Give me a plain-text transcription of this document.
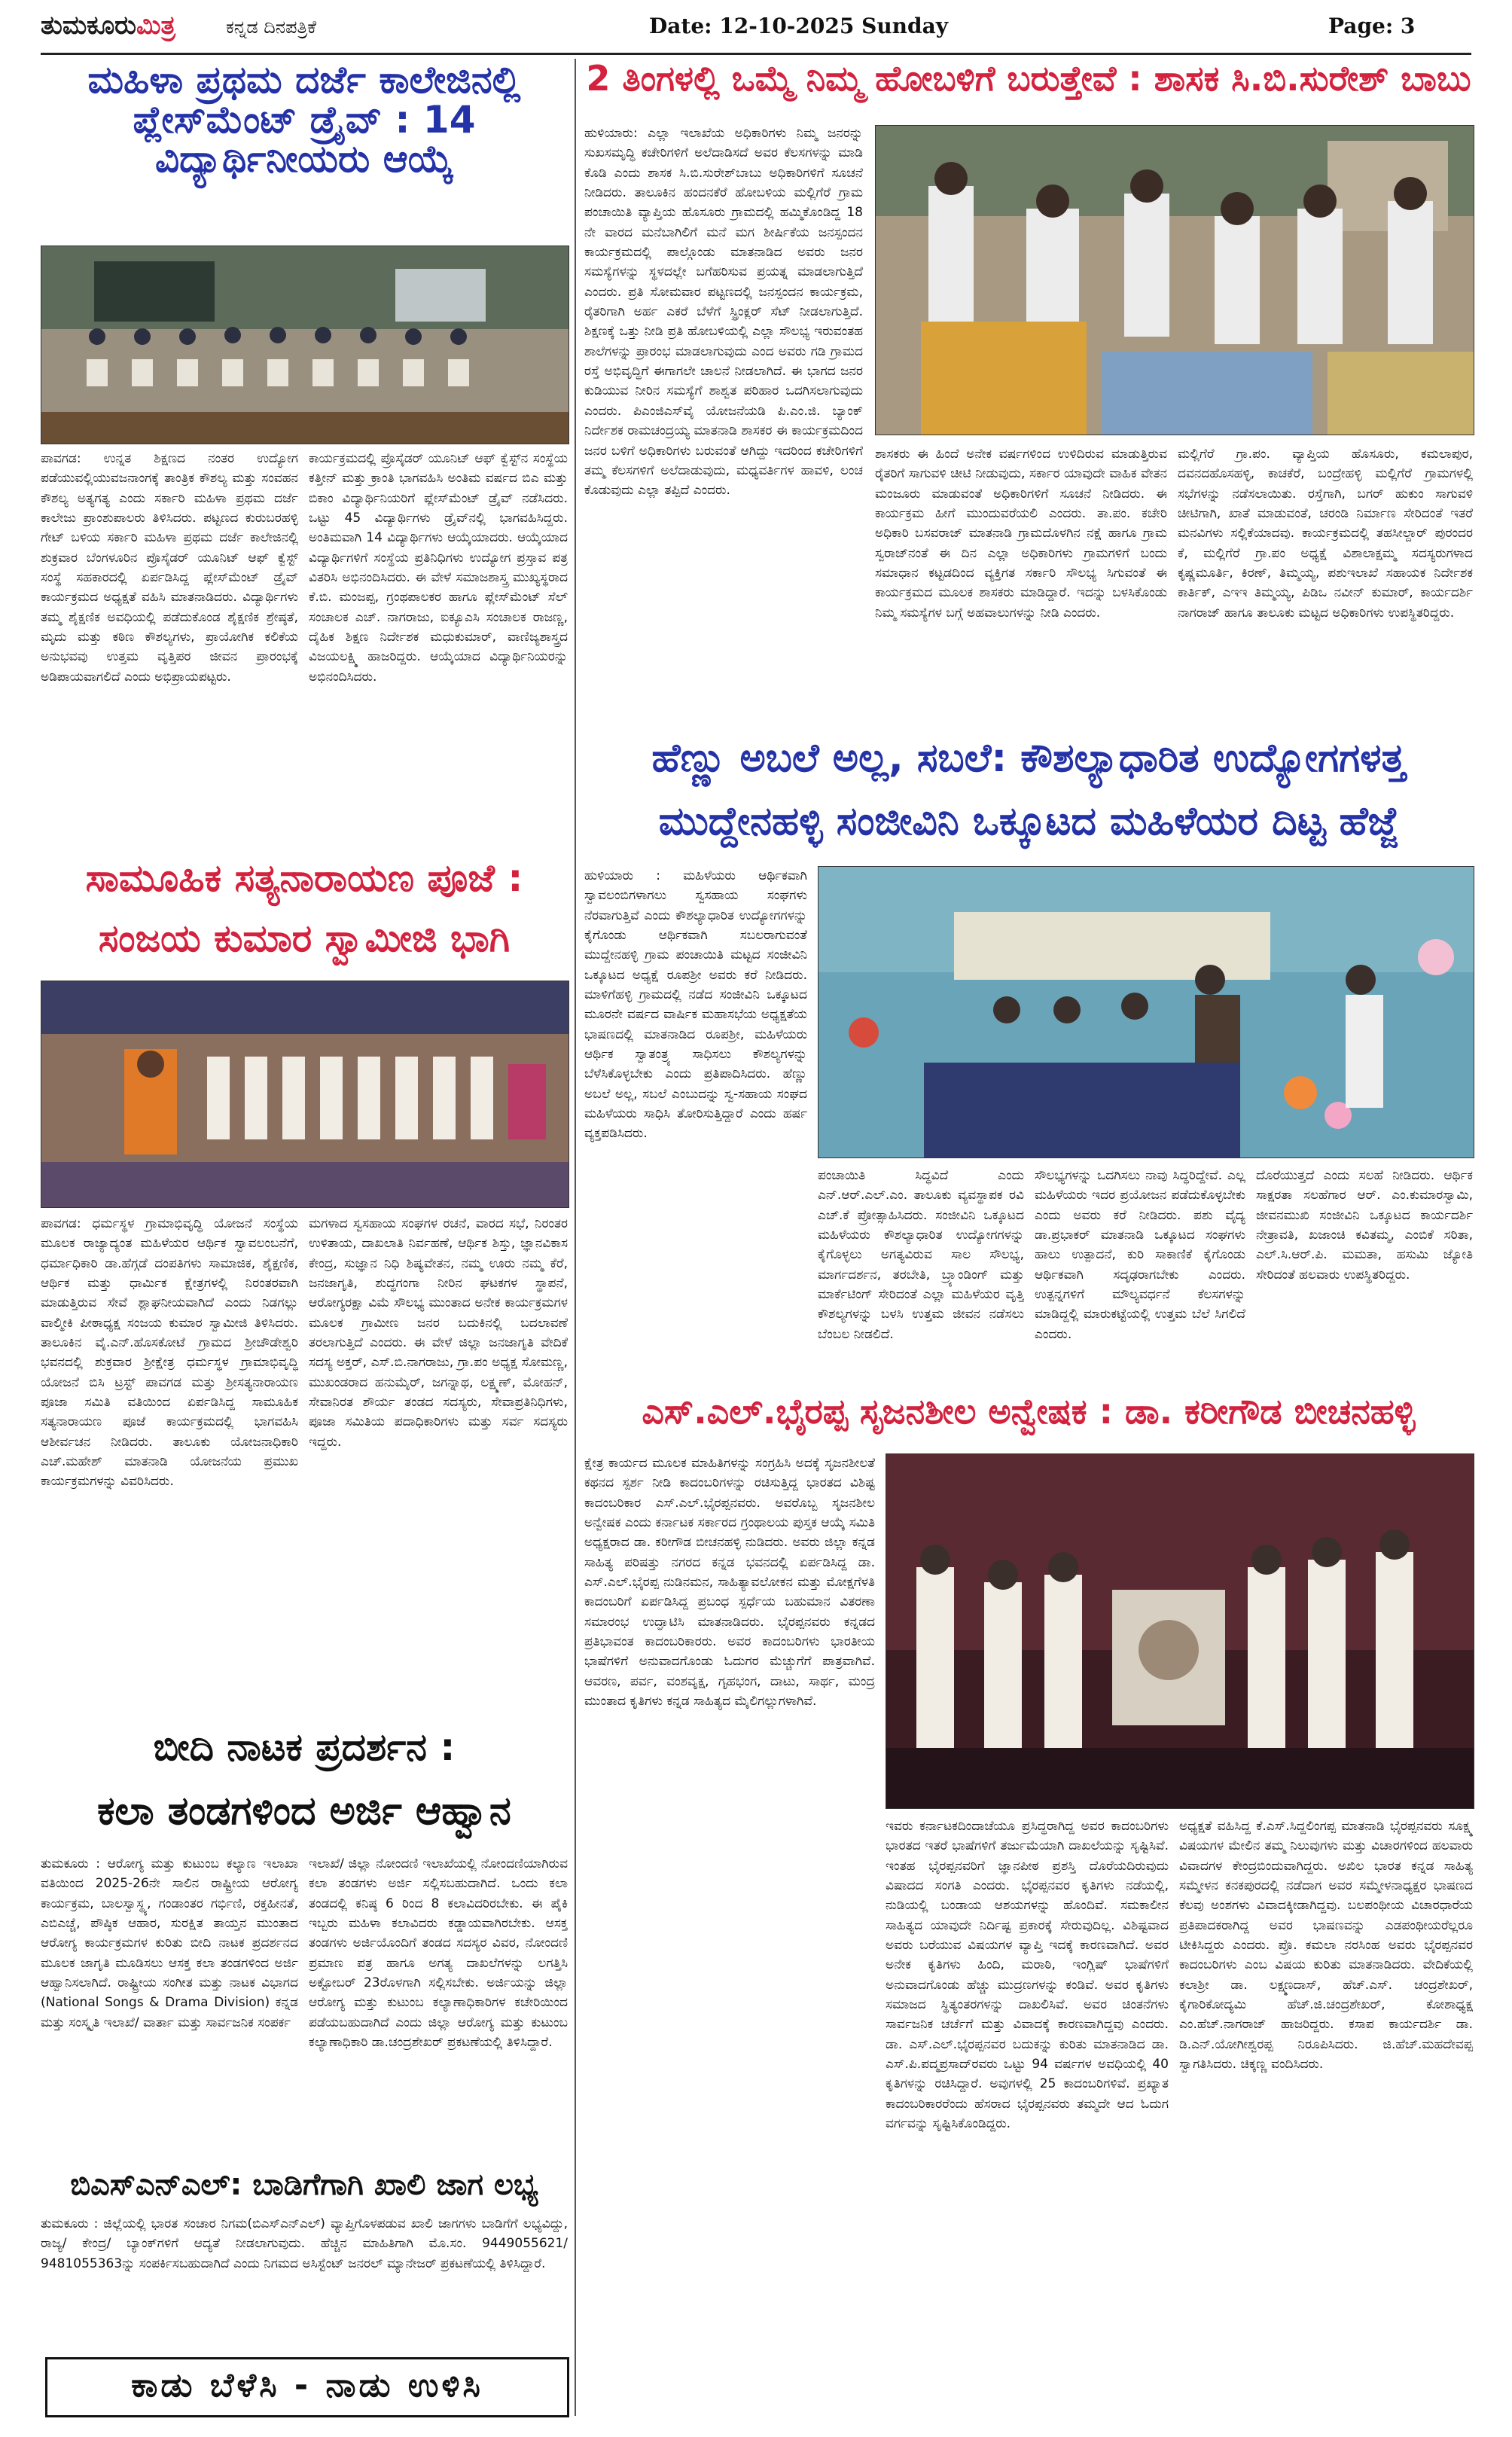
ತುಮಕೂರುಮಿತ್ರ	ಕನ್ನಡ ದಿನಪತ್ರಿಕೆ	Date: 12-10-2025 Sunday	Page: 3
ಮಹಿಳಾ ಪ್ರಥಮ ದರ್ಜೆ ಕಾಲೇಜಿನಲ್ಲಿ ಪ್ಲೇಸ್‌ಮೆಂಟ್ ಡ್ರೈವ್ : 14 ವಿದ್ಯಾರ್ಥಿನೀಯರು ಆಯ್ಕೆ

ಪಾವಗಡ: ಉನ್ನತ ಶಿಕ್ಷಣದ ನಂತರ ಉದ್ಯೋಗ ಪಡೆಯುವಲ್ಲಿಯುವಜನಾಂಗಕ್ಕೆ ತಾಂತ್ರಿಕ ಕೌಶಲ್ಯ ಮತ್ತು ಸಂವಹನ ಕೌಶಲ್ಯ ಅತ್ಯಗತ್ಯ ಎಂದು ಸರ್ಕಾರಿ ಮಹಿಳಾ ಪ್ರಥಮ ದರ್ಜೆ ಕಾಲೇಜು ಪ್ರಾಂಶುಪಾಲರು ತಿಳಿಸಿದರು. ಪಟ್ಟಣದ ಕುರುಬರಹಳ್ಳಿ ಗೇಟ್ ಬಳಿಯ ಸರ್ಕಾರಿ ಮಹಿಳಾ ಪ್ರಥಮ ದರ್ಜೆ ಕಾಲೇಜಿನಲ್ಲಿ ಶುಕ್ರವಾರ ಬೆಂಗಳೂರಿನ ಪ್ರೊಸೈಡರ್ ಯೂನಿಟ್ ಆಫ್ ಕ್ವೆಸ್ಟ್ ಸಂಸ್ಥೆ ಸಹಕಾರದಲ್ಲಿ ಏರ್ಪಡಿಸಿದ್ದ ಪ್ಲೇಸ್‌ಮೆಂಟ್ ಡ್ರೈವ್ ಕಾರ್ಯಕ್ರಮದ ಅಧ್ಯಕ್ಷತೆ ವಹಿಸಿ ಮಾತನಾಡಿದರು. ವಿದ್ಯಾರ್ಥಿಗಳು ತಮ್ಮ ಶೈಕ್ಷಣಿಕ ಅವಧಿಯಲ್ಲಿ ಪಡೆದುಕೊಂಡ ಶೈಕ್ಷಣಿಕ ಶ್ರೇಷ್ಠತೆ, ಮೃದು ಮತ್ತು ಕಠಿಣ ಕೌಶಲ್ಯಗಳು, ಪ್ರಾಯೋಗಿಕ ಕಲಿಕೆಯ ಅನುಭವವು ಉತ್ತಮ ವೃತ್ತಿಪರ ಜೀವನ ಪ್ರಾರಂಭಕ್ಕೆ ಅಡಿಪಾಯವಾಗಲಿದೆ ಎಂದು ಅಭಿಪ್ರಾಯಪಟ್ಟರು.

ಕಾರ್ಯಕ್ರಮದಲ್ಲಿ ಪ್ರೊಸೈಡರ್ ಯೂನಿಟ್ ಆಫ್ ಕ್ವೆಸ್ಟ್‌ನ ಸಂಸ್ಥೆಯ ಕತ್ತೀನ್ ಮತ್ತು ಕ್ರಾಂತಿ ಭಾಗವಹಿಸಿ ಅಂತಿಮ ವರ್ಷದ ಬಿಎ ಮತ್ತು ಬಿಕಾಂ ವಿದ್ಯಾರ್ಥಿನಿಯರಿಗೆ ಪ್ಲೇಸ್‌ಮೆಂಟ್ ಡ್ರೈವ್ ನಡೆಸಿದರು. ಒಟ್ಟು 45 ವಿದ್ಯಾರ್ಥಿಗಳು ಡ್ರೈವ್‌ನಲ್ಲಿ ಭಾಗವಹಿಸಿದ್ದರು. ಅಂತಿಮವಾಗಿ 14 ವಿದ್ಯಾರ್ಥಿಗಳು ಆಯ್ಕೆಯಾದರು. ಆಯ್ಕೆಯಾದ ವಿದ್ಯಾರ್ಥಿಗಳಿಗೆ ಸಂಸ್ಥೆಯ ಪ್ರತಿನಿಧಿಗಳು ಉದ್ಯೋಗ ಪ್ರಸ್ತಾವ ಪತ್ರ ವಿತರಿಸಿ ಅಭಿನಂದಿಸಿದರು. ಈ ವೇಳೆ ಸಮಾಜಶಾಸ್ತ್ರ ಮುಖ್ಯಸ್ಥರಾದ ಕೆ.ಬಿ. ಮಂಜಪ್ಪ, ಗ್ರಂಥಪಾಲಕರ ಹಾಗೂ ಪ್ಲೇಸ್‌ಮೆಂಟ್ ಸೆಲ್ ಸಂಚಾಲಕ ಎಚ್. ನಾಗರಾಜು, ಐಕ್ಯೂಎಸಿ ಸಂಚಾಲಕ ರಾಜಣ್ಣ, ದೈಹಿಕ ಶಿಕ್ಷಣ ನಿರ್ದೇಶಕ ಮಧುಕುಮಾರ್, ವಾಣಿಜ್ಯಶಾಸ್ತ್ರದ ವಿಜಯಲಕ್ಷ್ಮಿ ಹಾಜರಿದ್ದರು. ಆಯ್ಕೆಯಾದ ವಿದ್ಯಾರ್ಥಿನಿಯರನ್ನು ಅಭಿನಂದಿಸಿದರು.

ಸಾಮೂಹಿಕ ಸತ್ಯನಾರಾಯಣ ಪೂಜೆ :
ಸಂಜಯ ಕುಮಾರ ಸ್ವಾಮೀಜಿ ಭಾಗಿ

ಪಾವಗಡ: ಧರ್ಮಸ್ಥಳ ಗ್ರಾಮಾಭಿವೃದ್ಧಿ ಯೋಜನೆ ಸಂಸ್ಥೆಯ ಮೂಲಕ ರಾಜ್ಯಾದ್ಯಂತ ಮಹಿಳೆಯರ ಆರ್ಥಿಕ ಸ್ವಾವಲಂಬನೆಗೆ, ಧರ್ಮಾಧಿಕಾರಿ ಡಾ.ಹೆಗ್ಗಡೆ ದಂಪತಿಗಳು ಸಾಮಾಜಿಕ, ಶೈಕ್ಷಣಿಕ, ಆರ್ಥಿಕ ಮತ್ತು ಧಾರ್ಮಿಕ ಕ್ಷೇತ್ರಗಳಲ್ಲಿ ನಿರಂತರವಾಗಿ ಮಾಡುತ್ತಿರುವ ಸೇವೆ ಶ್ಲಾಘನೀಯವಾಗಿದೆ ಎಂದು ನಿಡಗಲ್ಲು ವಾಲ್ಮೀಕಿ ಪೀಠಾಧ್ಯಕ್ಷ ಸಂಜಯ ಕುಮಾರ ಸ್ವಾಮೀಜಿ ತಿಳಿಸಿದರು. ತಾಲೂಕಿನ ವೈ.ಎನ್.ಹೊಸಕೋಟೆ ಗ್ರಾಮದ ಶ್ರೀಚೌಡೇಶ್ವರಿ ಭವನದಲ್ಲಿ ಶುಕ್ರವಾರ ಶ್ರೀಕ್ಷೇತ್ರ ಧರ್ಮಸ್ಥಳ ಗ್ರಾಮಾಭಿವೃದ್ಧಿ ಯೋಜನೆ ಬಿಸಿ ಟ್ರಸ್ಟ್ ಪಾವಗಡ ಮತ್ತು ಶ್ರೀಸತ್ಯನಾರಾಯಣ ಪೂಜಾ ಸಮಿತಿ ವತಿಯಿಂದ ಏರ್ಪಡಿಸಿದ್ದ ಸಾಮೂಹಿಕ ಸತ್ಯನಾರಾಯಣ ಪೂಜೆ ಕಾರ್ಯಕ್ರಮದಲ್ಲಿ ಭಾಗವಹಿಸಿ ಆಶೀರ್ವಚನ ನೀಡಿದರು. ತಾಲೂಕು ಯೋಜನಾಧಿಕಾರಿ ಎಚ್.ಮಹೇಶ್ ಮಾತನಾಡಿ ಯೋಜನೆಯ ಪ್ರಮುಖ ಕಾರ್ಯಕ್ರಮಗಳನ್ನು ವಿವರಿಸಿದರು.

ಮಗಳಾದ ಸ್ವಸಹಾಯ ಸಂಘಗಳ ರಚನೆ, ವಾರದ ಸಭೆ, ನಿರಂತರ ಉಳಿತಾಯ, ದಾಖಲಾತಿ ನಿರ್ವಹಣೆ, ಆರ್ಥಿಕ ಶಿಸ್ತು, ಜ್ಞಾನವಿಕಾಸ ಕೇಂದ್ರ, ಸುಜ್ಞಾನ ನಿಧಿ ಶಿಷ್ಯವೇತನ, ನಮ್ಮ ಊರು ನಮ್ಮ ಕೆರೆ, ಜನಜಾಗೃತಿ, ಶುದ್ಧಗಂಗಾ ನೀರಿನ ಘಟಕಗಳ ಸ್ಥಾಪನೆ, ಆರೋಗ್ಯರಕ್ಷಾ ವಿಮೆ ಸೌಲಭ್ಯ ಮುಂತಾದ ಅನೇಕ ಕಾರ್ಯಕ್ರಮಗಳ ಮೂಲಕ ಗ್ರಾಮೀಣ ಜನರ ಬದುಕಿನಲ್ಲಿ ಬದಲಾವಣೆ ತರಲಾಗುತ್ತಿದೆ ಎಂದರು. ಈ ವೇಳೆ ಜಿಲ್ಲಾ ಜನಜಾಗೃತಿ ವೇದಿಕೆ ಸದಸ್ಯ ಅಕ್ತರ್, ಎಸ್.ಬಿ.ನಾಗರಾಜು, ಗ್ರಾ.ಪಂ ಅಧ್ಯಕ್ಷ ಸೋಮಣ್ಣ, ಮುಖಂಡರಾದ ಹನುಮೈರ್, ಜಗನ್ನಾಥ, ಲಕ್ಷ್ಮಣ್, ಮೋಹನ್, ಸೇವಾನಿರತ ಶೌರ್ಯ ತಂಡದ ಸದಸ್ಯರು, ಸೇವಾಪ್ರತಿನಿಧಿಗಳು, ಪೂಜಾ ಸಮಿತಿಯ ಪದಾಧಿಕಾರಿಗಳು ಮತ್ತು ಸರ್ವ ಸದಸ್ಯರು ಇದ್ದರು.

ಬೀದಿ ನಾಟಕ ಪ್ರದರ್ಶನ :
ಕಲಾ ತಂಡಗಳಿಂದ ಅರ್ಜಿ ಆಹ್ವಾನ

ತುಮಕೂರು : ಆರೋಗ್ಯ ಮತ್ತು ಕುಟುಂಬ ಕಲ್ಯಾಣ ಇಲಾಖಾ ವತಿಯಿಂದ 2025-26ನೇ ಸಾಲಿನ ರಾಷ್ಟ್ರೀಯ ಆರೋಗ್ಯ ಕಾರ್ಯಕ್ರಮ, ಬಾಲಸ್ವಾಸ್ಥ್ಯ, ಗಂಡಾಂತರ ಗರ್ಭಿಣಿ, ರಕ್ತಹೀನತೆ, ಎಬಿಎಚ್ಚೆ, ಪೌಷ್ಠಿಕ ಆಹಾರ, ಸುರಕ್ಷಿತ ತಾಯ್ತನ ಮುಂತಾದ ಆರೋಗ್ಯ ಕಾರ್ಯಕ್ರಮಗಳ ಕುರಿತು ಬೀದಿ ನಾಟಕ ಪ್ರದರ್ಶನದ ಮೂಲಕ ಜಾಗೃತಿ ಮೂಡಿಸಲು ಆಸಕ್ತ ಕಲಾ ತಂಡಗಳಿಂದ ಅರ್ಜಿ ಆಹ್ವಾನಿಸಲಾಗಿದೆ. ರಾಷ್ಟ್ರೀಯ ಸಂಗೀತ ಮತ್ತು ನಾಟಕ ವಿಭಾಗದ (National Songs & Drama Division) ಕನ್ನಡ ಮತ್ತು ಸಂಸ್ಕೃತಿ ಇಲಾಖೆ/ ವಾರ್ತಾ ಮತ್ತು ಸಾರ್ವಜನಿಕ ಸಂಪರ್ಕ

ಇಲಾಖೆ/ ಜಿಲ್ಲಾ ನೋಂದಣಿ ಇಲಾಖೆಯಲ್ಲಿ ನೋಂದಣಿಯಾಗಿರುವ ಕಲಾ ತಂಡಗಳು ಅರ್ಜಿ ಸಲ್ಲಿಸಬಹುದಾಗಿದೆ. ಒಂದು ಕಲಾ ತಂಡದಲ್ಲಿ ಕನಿಷ್ಠ 6 ರಿಂದ 8 ಕಲಾವಿದರಿರಬೇಕು. ಈ ಪೈಕಿ ಇಬ್ಬರು ಮಹಿಳಾ ಕಲಾವಿದರು ಕಡ್ಡಾಯವಾಗಿರಬೇಕು. ಆಸಕ್ತ ತಂಡಗಳು ಅರ್ಜಿಯೊಂದಿಗೆ ತಂಡದ ಸದಸ್ಯರ ವಿವರ, ನೋಂದಣಿ ಪ್ರಮಾಣ ಪತ್ರ ಹಾಗೂ ಅಗತ್ಯ ದಾಖಲೆಗಳನ್ನು ಲಗತ್ತಿಸಿ ಅಕ್ಟೋಬರ್ 23ರೊಳಗಾಗಿ ಸಲ್ಲಿಸಬೇಕು. ಅರ್ಜಿಯನ್ನು ಜಿಲ್ಲಾ ಆರೋಗ್ಯ ಮತ್ತು ಕುಟುಂಬ ಕಲ್ಯಾಣಾಧಿಕಾರಿಗಳ ಕಚೇರಿಯಿಂದ ಪಡೆಯಬಹುದಾಗಿದೆ ಎಂದು ಜಿಲ್ಲಾ ಆರೋಗ್ಯ ಮತ್ತು ಕುಟುಂಬ ಕಲ್ಯಾಣಾಧಿಕಾರಿ ಡಾ.ಚಂದ್ರಶೇಖರ್ ಪ್ರಕಟಣೆಯಲ್ಲಿ ತಿಳಿಸಿದ್ದಾರೆ.

ಬಿಎಸ್ಎನ್ಎಲ್: ಬಾಡಿಗೆಗಾಗಿ ಖಾಲಿ ಜಾಗ ಲಭ್ಯ

ತುಮಕೂರು : ಜಿಲ್ಲೆಯಲ್ಲಿ ಭಾರತ ಸಂಚಾರ ನಿಗಮ(ಬಿಎಸ್ಎನ್ಎಲ್) ವ್ಯಾಪ್ತಿಗೊಳಪಡುವ ಖಾಲಿ ಜಾಗಗಳು ಬಾಡಿಗೆಗೆ ಲಭ್ಯವಿದ್ದು, ರಾಜ್ಯ/ ಕೇಂದ್ರ/ ಬ್ಯಾಂಕ್‌ಗಳಿಗೆ ಆದ್ಯತೆ ನೀಡಲಾಗುವುದು. ಹೆಚ್ಚಿನ ಮಾಹಿತಿಗಾಗಿ ಮೊ.ಸಂ. 9449055621/ 9481055363ನ್ನು ಸಂಪರ್ಕಿಸಬಹುದಾಗಿದೆ ಎಂದು ನಿಗಮದ ಅಸಿಸ್ಟೆಂಟ್ ಜನರಲ್ ಮ್ಯಾನೇಜರ್ ಪ್ರಕಟಣೆಯಲ್ಲಿ ತಿಳಿಸಿದ್ದಾರೆ.

ಕಾಡು ಬೆಳೆಸಿ - ನಾಡು ಉಳಿಸಿ
2 ತಿಂಗಳಲ್ಲಿ ಒಮ್ಮೆ ನಿಮ್ಮ ಹೋಬಳಿಗೆ ಬರುತ್ತೇವೆ : ಶಾಸಕ ಸಿ.ಬಿ.ಸುರೇಶ್ ಬಾಬು

ಹುಳಿಯಾರು: ಎಲ್ಲಾ ಇಲಾಖೆಯ ಅಧಿಕಾರಿಗಳು ನಿಮ್ಮ ಜನರನ್ನು ಸುಖಸಮೃದ್ಧಿ ಕಚೇರಿಗಳಿಗೆ ಅಲೆದಾಡಿಸದೆ ಅವರ ಕೆಲಸಗಳನ್ನು ಮಾಡಿ ಕೊಡಿ ಎಂದು ಶಾಸಕ ಸಿ.ಬಿ.ಸುರೇಶ್‌ಬಾಬು ಅಧಿಕಾರಿಗಳಿಗೆ ಸೂಚನೆ ನೀಡಿದರು. ತಾಲೂಕಿನ ಹಂದನಕೆರೆ ಹೋಬಳಿಯ ಮಲ್ಲಿಗೆರೆ ಗ್ರಾಮ ಪಂಚಾಯಿತಿ ವ್ಯಾಪ್ತಿಯ ಹೊಸೂರು ಗ್ರಾಮದಲ್ಲಿ ಹಮ್ಮಿಕೊಂಡಿದ್ದ 18 ನೇ ವಾರದ ಮನೆಬಾಗಿಲಿಗೆ ಮನೆ ಮಗ ಶೀರ್ಷಿಕೆಯ ಜನಸ್ಪಂದನ ಕಾರ್ಯಕ್ರಮದಲ್ಲಿ ಪಾಲ್ಗೊಂಡು ಮಾತನಾಡಿದ ಅವರು ಜನರ ಸಮಸ್ಯೆಗಳನ್ನು ಸ್ಥಳದಲ್ಲೇ ಬಗೆಹರಿಸುವ ಪ್ರಯತ್ನ ಮಾಡಲಾಗುತ್ತಿದೆ ಎಂದರು. ಪ್ರತಿ ಸೋಮವಾರ ಪಟ್ಟಣದಲ್ಲಿ ಜನಸ್ಪಂದನ ಕಾರ್ಯಕ್ರಮ, ರೈತರಿಗಾಗಿ ಅರ್ಹ ಎಕರೆ ಬೆಳೆಗೆ ಸ್ಪ್ರಿಂಕ್ಲರ್ ಸೆಟ್ ನೀಡಲಾಗುತ್ತಿದೆ. ಶಿಕ್ಷಣಕ್ಕೆ ಒತ್ತು ನೀಡಿ ಪ್ರತಿ ಹೋಬಳಿಯಲ್ಲಿ ಎಲ್ಲಾ ಸೌಲಭ್ಯ ಇರುವಂತಹ ಶಾಲೆಗಳನ್ನು ಪ್ರಾರಂಭ ಮಾಡಲಾಗುವುದು ಎಂದ ಅವರು ಗಡಿ ಗ್ರಾಮದ ರಸ್ತೆ ಅಭಿವೃದ್ಧಿಗೆ ಈಗಾಗಲೇ ಚಾಲನೆ ನೀಡಲಾಗಿದೆ. ಈ ಭಾಗದ ಜನರ ಕುಡಿಯುವ ನೀರಿನ ಸಮಸ್ಯೆಗೆ ಶಾಶ್ವತ ಪರಿಹಾರ ಒದಗಿಸಲಾಗುವುದು ಎಂದರು. ಪಿಎಂಜಿಎಸ್‌ವೈ ಯೋಜನೆಯಡಿ ಪಿ.ಎಂ.ಜಿ. ಬ್ಯಾಂಕ್ ನಿರ್ದೇಶಕ ರಾಮಚಂದ್ರಯ್ಯ ಮಾತನಾಡಿ ಶಾಸಕರ ಈ ಕಾರ್ಯಕ್ರಮದಿಂದ ಜನರ ಬಳಿಗೆ ಅಧಿಕಾರಿಗಳು ಬರುವಂತೆ ಆಗಿದ್ದು ಇದರಿಂದ ಕಚೇರಿಗಳಿಗೆ ತಮ್ಮ ಕೆಲಸಗಳಿಗೆ ಅಲೆದಾಡುವುದು, ಮಧ್ಯವರ್ತಿಗಳ ಹಾವಳಿ, ಲಂಚ ಕೊಡುವುದು ಎಲ್ಲಾ ತಪ್ಪಿದೆ ಎಂದರು.

ಶಾಸಕರು ಈ ಹಿಂದೆ ಅನೇಕ ವರ್ಷಗಳಿಂದ ಉಳಿದಿರುವ ಮಾಡುತ್ತಿರುವ ರೈತರಿಗೆ ಸಾಗುವಳಿ ಚೀಟಿ ನೀಡುವುದು, ಸರ್ಕಾರ ಯಾವುದೇ ವಾಹಿಕ ವೇತನ ಮಂಜೂರು ಮಾಡುವಂತೆ ಅಧಿಕಾರಿಗಳಿಗೆ ಸೂಚನೆ ನೀಡಿದರು. ಈ ಕಾರ್ಯಕ್ರಮ ಹೀಗೆ ಮುಂದುವರೆಯಲಿ ಎಂದರು. ತಾ.ಪಂ. ಕಚೇರಿ ಅಧಿಕಾರಿ ಬಸವರಾಜ್ ಮಾತನಾಡಿ ಗ್ರಾಮದೊಳಗಿನ ನಕ್ಷೆ ಹಾಗೂ ಗ್ರಾಮ ಸ್ವರಾಜ್‌ನಂತೆ ಈ ದಿನ ಎಲ್ಲಾ ಅಧಿಕಾರಿಗಳು ಗ್ರಾಮಗಳಿಗೆ ಬಂದು ಸಮಾಧಾನ ಕಟ್ಟಡದಿಂದ ವ್ಯಕ್ತಿಗತ ಸರ್ಕಾರಿ ಸೌಲಭ್ಯ ಸಿಗುವಂತೆ ಈ ಕಾರ್ಯಕ್ರಮದ ಮೂಲಕ ಶಾಸಕರು ಮಾಡಿದ್ದಾರೆ. ಇದನ್ನು ಬಳಸಿಕೊಂಡು ನಿಮ್ಮ ಸಮಸ್ಯೆಗಳ ಬಗ್ಗೆ ಅಹವಾಲುಗಳನ್ನು ನೀಡಿ ಎಂದರು.

ಮಲ್ಲಿಗೆರೆ ಗ್ರಾ.ಪಂ. ವ್ಯಾಪ್ತಿಯ ಹೊಸೂರು, ಕಮಲಾಪುರ, ದವನದಹೊಸಹಳ್ಳಿ, ಕಾಚಕೆರೆ, ಬಂದ್ರೇಹಳ್ಳಿ ಮಲ್ಲಿಗೆರೆ ಗ್ರಾಮಗಳಲ್ಲಿ ಸಭೆಗಳನ್ನು ನಡೆಸಲಾಯಿತು. ರಸ್ತೆಗಾಗಿ, ಬಗರ್ ಹುಕುಂ ಸಾಗುವಳಿ ಚೀಟಿಗಾಗಿ, ಖಾತೆ ಮಾಡುವಂತೆ, ಚರಂಡಿ ನಿರ್ಮಾಣ ಸೇರಿದಂತೆ ಇತರೆ ಮನವಿಗಳು ಸಲ್ಲಿಕೆಯಾದವು. ಕಾರ್ಯಕ್ರಮದಲ್ಲಿ ತಹಸೀಲ್ದಾರ್ ಪುರಂದರ ಕೆ, ಮಲ್ಲಿಗೆರೆ ಗ್ರಾ.ಪಂ ಅಧ್ಯಕ್ಷೆ ವಿಶಾಲಾಕ್ಷಮ್ಮ ಸದಸ್ಯರುಗಳಾದ ಕೃಷ್ಣಮೂರ್ತಿ, ಕಿರಣ್, ತಿಮ್ಮಯ್ಯ, ಪಶುಇಲಾಖೆ ಸಹಾಯಕ ನಿರ್ದೇಶಕ ಕಾರ್ತಿಕ್, ಎಇಇ ತಿಮ್ಮಯ್ಯ, ಪಿಡಿಒ ನವೀನ್ ಕುಮಾರ್, ಕಾರ್ಯದರ್ಶಿ ನಾಗರಾಜ್ ಹಾಗೂ ತಾಲೂಕು ಮಟ್ಟದ ಅಧಿಕಾರಿಗಳು ಉಪಸ್ಥಿತರಿದ್ದರು.

ಹೆಣ್ಣು ಅಬಲೆ ಅಲ್ಲ, ಸಬಲೆ: ಕೌಶಲ್ಯಾಧಾರಿತ ಉದ್ಯೋಗಗಳತ್ತ
ಮುದ್ದೇನಹಳ್ಳಿ ಸಂಜೀವಿನಿ ಒಕ್ಕೂಟದ ಮಹಿಳೆಯರ ದಿಟ್ಟ ಹೆಜ್ಜೆ

ಹುಳಿಯಾರು : ಮಹಿಳೆಯರು ಆರ್ಥಿಕವಾಗಿ ಸ್ವಾವಲಂಬಿಗಳಾಗಲು ಸ್ವಸಹಾಯ ಸಂಘಗಳು ನೆರವಾಗುತ್ತಿವೆ ಎಂದು ಕೌಶಲ್ಯಾಧಾರಿತ ಉದ್ಯೋಗಗಳನ್ನು ಕೈಗೊಂಡು ಆರ್ಥಿಕವಾಗಿ ಸಬಲರಾಗುವಂತೆ ಮುದ್ದೇನಹಳ್ಳಿ ಗ್ರಾಮ ಪಂಚಾಯಿತಿ ಮಟ್ಟದ ಸಂಜೀವಿನಿ ಒಕ್ಕೂಟದ ಅಧ್ಯಕ್ಷೆ ರೂಪಶ್ರೀ ಅವರು ಕರೆ ನೀಡಿದರು. ಮಾಳಿಗೆಹಳ್ಳಿ ಗ್ರಾಮದಲ್ಲಿ ನಡೆದ ಸಂಜೀವಿನಿ ಒಕ್ಕೂಟದ ಮೂರನೇ ವರ್ಷದ ವಾರ್ಷಿಕ ಮಹಾಸಭೆಯ ಅಧ್ಯಕ್ಷತೆಯ ಭಾಷಣದಲ್ಲಿ ಮಾತನಾಡಿದ ರೂಪಶ್ರೀ, ಮಹಿಳೆಯರು ಆರ್ಥಿಕ ಸ್ವಾತಂತ್ರ್ಯ ಸಾಧಿಸಲು ಕೌಶಲ್ಯಗಳನ್ನು ಬೆಳೆಸಿಕೊಳ್ಳಬೇಕು ಎಂದು ಪ್ರತಿಪಾದಿಸಿದರು. ಹೆಣ್ಣು ಅಬಲೆ ಅಲ್ಲ, ಸಬಲೆ ಎಂಬುದನ್ನು ಸ್ವ-ಸಹಾಯ ಸಂಘದ ಮಹಿಳೆಯರು ಸಾಧಿಸಿ ತೋರಿಸುತ್ತಿದ್ದಾರೆ ಎಂದು ಹರ್ಷ ವ್ಯಕ್ತಪಡಿಸಿದರು.

ಪಂಚಾಯಿತಿ ಸಿದ್ಧವಿದೆ ಎಂದು ಎನ್.ಆರ್.ಎಲ್.ಎಂ. ತಾಲೂಕು ವ್ಯವಸ್ಥಾಪಕ ರವಿ ಎಚ್.ಕೆ ಪ್ರೋತ್ಸಾಹಿಸಿದರು. ಸಂಜೀವಿನಿ ಒಕ್ಕೂಟದ ಮಹಿಳೆಯರು ಕೌಶಲ್ಯಾಧಾರಿತ ಉದ್ಯೋಗಗಳನ್ನು ಕೈಗೊಳ್ಳಲು ಅಗತ್ಯವಿರುವ ಸಾಲ ಸೌಲಭ್ಯ, ಮಾರ್ಗದರ್ಶನ, ತರಬೇತಿ, ಬ್ರ್ಯಾಂಡಿಂಗ್ ಮತ್ತು ಮಾರ್ಕೆಟಿಂಗ್ ಸೇರಿದಂತೆ ಎಲ್ಲಾ ಮಹಿಳೆಯರ ವೃತ್ತಿ ಕೌಶಲ್ಯಗಳನ್ನು ಬಳಸಿ ಉತ್ತಮ ಜೀವನ ನಡೆಸಲು ಬೆಂಬಲ ನೀಡಲಿದೆ.

ಸೌಲಭ್ಯಗಳನ್ನು ಒದಗಿಸಲು ನಾವು ಸಿದ್ಧರಿದ್ದೇವೆ. ಎಲ್ಲ ಮಹಿಳೆಯರು ಇದರ ಪ್ರಯೋಜನ ಪಡೆದುಕೊಳ್ಳಬೇಕು ಎಂದು ಅವರು ಕರೆ ನೀಡಿದರು. ಪಶು ವೈದ್ಯ ಡಾ.ಪ್ರಭಾಕರ್ ಮಾತನಾಡಿ ಒಕ್ಕೂಟದ ಸಂಘಗಳು ಹಾಲು ಉತ್ಪಾದನೆ, ಕುರಿ ಸಾಕಾಣಿಕೆ ಕೈಗೊಂಡು ಆರ್ಥಿಕವಾಗಿ ಸದೃಢರಾಗಬೇಕು ಎಂದರು. ಉತ್ಪನ್ನಗಳಿಗೆ ಮೌಲ್ಯವರ್ಧನೆ ಕೆಲಸಗಳನ್ನು ಮಾಡಿದ್ದಲ್ಲಿ ಮಾರುಕಟ್ಟೆಯಲ್ಲಿ ಉತ್ತಮ ಬೆಲೆ ಸಿಗಲಿದೆ ಎಂದರು.

ದೊರೆಯುತ್ತದೆ ಎಂದು ಸಲಹೆ ನೀಡಿದರು. ಆರ್ಥಿಕ ಸಾಕ್ಷರತಾ ಸಲಹೆಗಾರ ಆರ್. ಎಂ.ಕುಮಾರಸ್ವಾಮಿ, ಜೀವನಮುಖಿ ಸಂಜೀವಿನಿ ಒಕ್ಕೂಟದ ಕಾರ್ಯದರ್ಶಿ ನೇತ್ರಾವತಿ, ಖಜಾಂಚಿ ಕವಿತಮ್ಮ, ಎಂಬಿಕೆ ಸರಿತಾ, ಎಲ್.ಸಿ.ಆರ್.ಪಿ. ಮಮತಾ, ಹಸುಮಿ ಜ್ಯೋತಿ ಸೇರಿದಂತೆ ಹಲವಾರು ಉಪಸ್ಥಿತರಿದ್ದರು.

ಎಸ್.ಎಲ್.ಭೈರಪ್ಪ ಸೃಜನಶೀಲ ಅನ್ವೇಷಕ : ಡಾ. ಕರೀಗೌಡ ಬೀಚನಹಳ್ಳಿ

ಕ್ಷೇತ್ರ ಕಾರ್ಯದ ಮೂಲಕ ಮಾಹಿತಿಗಳನ್ನು ಸಂಗ್ರಹಿಸಿ ಅದಕ್ಕೆ ಸೃಜನಶೀಲತೆ ಕಥನದ ಸ್ಪರ್ಶ ನೀಡಿ ಕಾದಂಬರಿಗಳನ್ನು ರಚಿಸುತ್ತಿದ್ದ ಭಾರತದ ವಿಶಿಷ್ಟ ಕಾದಂಬರಿಕಾರ ಎಸ್.ಎಲ್.ಭೈರಪ್ಪನವರು. ಅವರೊಬ್ಬ ಸೃಜನಶೀಲ ಅನ್ವೇಷಕ ಎಂದು ಕರ್ನಾಟಕ ಸರ್ಕಾರದ ಗ್ರಂಥಾಲಯ ಪುಸ್ತಕ ಆಯ್ಕೆ ಸಮಿತಿ ಅಧ್ಯಕ್ಷರಾದ ಡಾ. ಕರೀಗೌಡ ಬೀಚನಹಳ್ಳಿ ನುಡಿದರು. ಅವರು ಜಿಲ್ಲಾ ಕನ್ನಡ ಸಾಹಿತ್ಯ ಪರಿಷತ್ತು ನಗರದ ಕನ್ನಡ ಭವನದಲ್ಲಿ ಏರ್ಪಡಿಸಿದ್ದ ಡಾ. ಎಸ್.ಎಲ್.ಭೈರಪ್ಪ ನುಡಿನಮನ, ಸಾಹಿತ್ಯಾವಲೋಕನ ಮತ್ತು ಮೋಕ್ಷಗೆಳತಿ ಕಾದಂಬರಿಗೆ ಏರ್ಪಡಿಸಿದ್ದ ಪ್ರಬಂಧ ಸ್ಪರ್ಧೆಯ ಬಹುಮಾನ ವಿತರಣಾ ಸಮಾರಂಭ ಉದ್ಘಾಟಿಸಿ ಮಾತನಾಡಿದರು. ಭೈರಪ್ಪನವರು ಕನ್ನಡದ ಪ್ರತಿಭಾವಂತ ಕಾದಂಬರಿಕಾರರು. ಅವರ ಕಾದಂಬರಿಗಳು ಭಾರತೀಯ ಭಾಷೆಗಳಿಗೆ ಅನುವಾದಗೊಂಡು ಓದುಗರ ಮೆಚ್ಚುಗೆಗೆ ಪಾತ್ರವಾಗಿವೆ. ಆವರಣ, ಪರ್ವ, ವಂಶವೃಕ್ಷ, ಗೃಹಭಂಗ, ದಾಟು, ಸಾರ್ಥ, ಮಂದ್ರ ಮುಂತಾದ ಕೃತಿಗಳು ಕನ್ನಡ ಸಾಹಿತ್ಯದ ಮೈಲಿಗಲ್ಲುಗಳಾಗಿವೆ.

ಇವರು ಕರ್ನಾಟಕದಿಂದಾಚೆಯೂ ಪ್ರಸಿದ್ಧರಾಗಿದ್ದ ಅವರ ಕಾದಂಬರಿಗಳು ಭಾರತದ ಇತರೆ ಭಾಷೆಗಳಿಗೆ ತರ್ಜುಮೆಯಾಗಿ ದಾಖಲೆಯನ್ನು ಸೃಷ್ಟಿಸಿವೆ. ಇಂತಹ ಭೈರಪ್ಪನವರಿಗೆ ಜ್ಞಾನಪೀಠ ಪ್ರಶಸ್ತಿ ದೊರೆಯದಿರುವುದು ವಿಷಾದದ ಸಂಗತಿ ಎಂದರು. ಭೈರಪ್ಪನವರ ಕೃತಿಗಳು ನಡೆಯಲ್ಲಿ, ನುಡಿಯಲ್ಲಿ ಬಂಡಾಯ ಆಶಯಗಳನ್ನು ಹೊಂದಿವೆ. ಸಮಕಾಲೀನ ಸಾಹಿತ್ಯದ ಯಾವುದೇ ನಿರ್ದಿಷ್ಟ ಪ್ರಕಾರಕ್ಕೆ ಸೇರುವುದಿಲ್ಲ. ವಿಶಿಷ್ಟವಾದ ಅವರು ಬರೆಯುವ ವಿಷಯಗಳ ವ್ಯಾಪ್ತಿ ಇದಕ್ಕೆ ಕಾರಣವಾಗಿದೆ. ಅವರ ಅನೇಕ ಕೃತಿಗಳು ಹಿಂದಿ, ಮರಾಠಿ, ಇಂಗ್ಲಿಷ್ ಭಾಷೆಗಳಿಗೆ ಅನುವಾದಗೊಂಡು ಹೆಚ್ಚು ಮುದ್ರಣಗಳನ್ನು ಕಂಡಿವೆ. ಅವರ ಕೃತಿಗಳು ಸಮಾಜದ ಸ್ಥಿತ್ಯಂತರಗಳನ್ನು ದಾಖಲಿಸಿವೆ. ಅವರ ಚಿಂತನೆಗಳು ಸಾರ್ವಜನಿಕ ಚರ್ಚೆಗೆ ಮತ್ತು ವಿವಾದಕ್ಕೆ ಕಾರಣವಾಗಿದ್ದವು ಎಂದರು. ಡಾ. ಎಸ್.ಎಲ್.ಭೈರಪ್ಪನವರ ಬದುಕನ್ನು ಕುರಿತು ಮಾತನಾಡಿದ ಡಾ. ಎಸ್.ಪಿ.ಪದ್ಮಪ್ರಸಾದ್‌ರವರು ಒಟ್ಟು 94 ವರ್ಷಗಳ ಅವಧಿಯಲ್ಲಿ 40 ಕೃತಿಗಳನ್ನು ರಚಿಸಿದ್ದಾರೆ. ಅವುಗಳಲ್ಲಿ 25 ಕಾದಂಬರಿಗಳಿವೆ. ಪ್ರಖ್ಯಾತ ಕಾದಂಬರಿಕಾರರೆಂದು ಹೆಸರಾದ ಭೈರಪ್ಪನವರು ತಮ್ಮದೇ ಆದ ಓದುಗ ವರ್ಗವನ್ನು ಸೃಷ್ಟಿಸಿಕೊಂಡಿದ್ದರು.

ಅಧ್ಯಕ್ಷತೆ ವಹಿಸಿದ್ದ ಕೆ.ಎಸ್.ಸಿದ್ದಲಿಂಗಪ್ಪ ಮಾತನಾಡಿ ಭೈರಪ್ಪನವರು ಸೂಕ್ಷ್ಮ ವಿಷಯಗಳ ಮೇಲಿನ ತಮ್ಮ ನಿಲುವುಗಳು ಮತ್ತು ವಿಚಾರಗಳಿಂದ ಹಲವಾರು ವಿವಾದಗಳ ಕೇಂದ್ರಬಿಂದುವಾಗಿದ್ದರು. ಅಖಿಲ ಭಾರತ ಕನ್ನಡ ಸಾಹಿತ್ಯ ಸಮ್ಮೇಳನ ಕನಕಪುರದಲ್ಲಿ ನಡೆದಾಗ ಅವರ ಸಮ್ಮೇಳನಾಧ್ಯಕ್ಷರ ಭಾಷಣದ ಕೆಲವು ಅಂಶಗಳು ವಿವಾದಕ್ಕೀಡಾಗಿದ್ದವು. ಬಲಪಂಥೀಯ ವಿಚಾರಧಾರೆಯ ಪ್ರತಿಪಾದಕರಾಗಿದ್ದ ಅವರ ಭಾಷಣವನ್ನು ಎಡಪಂಥೀಯರೆಲ್ಲರೂ ಟೀಕಿಸಿದ್ದರು ಎಂದರು. ಪ್ರೊ. ಕಮಲಾ ನರಸಿಂಹ ಅವರು ಭೈರಪ್ಪನವರ ಕಾದಂಬರಿಗಳು ಎಂಬ ವಿಷಯ ಕುರಿತು ಮಾತನಾಡಿದರು. ವೇದಿಕೆಯಲ್ಲಿ ಕಲಾಶ್ರೀ ಡಾ. ಲಕ್ಷ್ಮಣದಾಸ್, ಹೆಚ್.ಎಸ್. ಚಂದ್ರಶೇಖರ್, ಕೈಗಾರಿಕೋದ್ಯಮಿ ಹೆಚ್.ಜಿ.ಚಂದ್ರಶೇಖರ್, ಕೋಶಾಧ್ಯಕ್ಷ ಎಂ.ಹೆಚ್.ನಾಗರಾಜ್ ಹಾಜರಿದ್ದರು. ಕಸಾಪ ಕಾರ್ಯದರ್ಶಿ ಡಾ. ಡಿ.ಎನ್.ಯೋಗೀಶ್ವರಪ್ಪ ನಿರೂಪಿಸಿದರು. ಜಿ.ಹೆಚ್.ಮಹದೇವಪ್ಪ ಸ್ವಾಗತಿಸಿದರು. ಚಿಕ್ಕಣ್ಣ ವಂದಿಸಿದರು.
